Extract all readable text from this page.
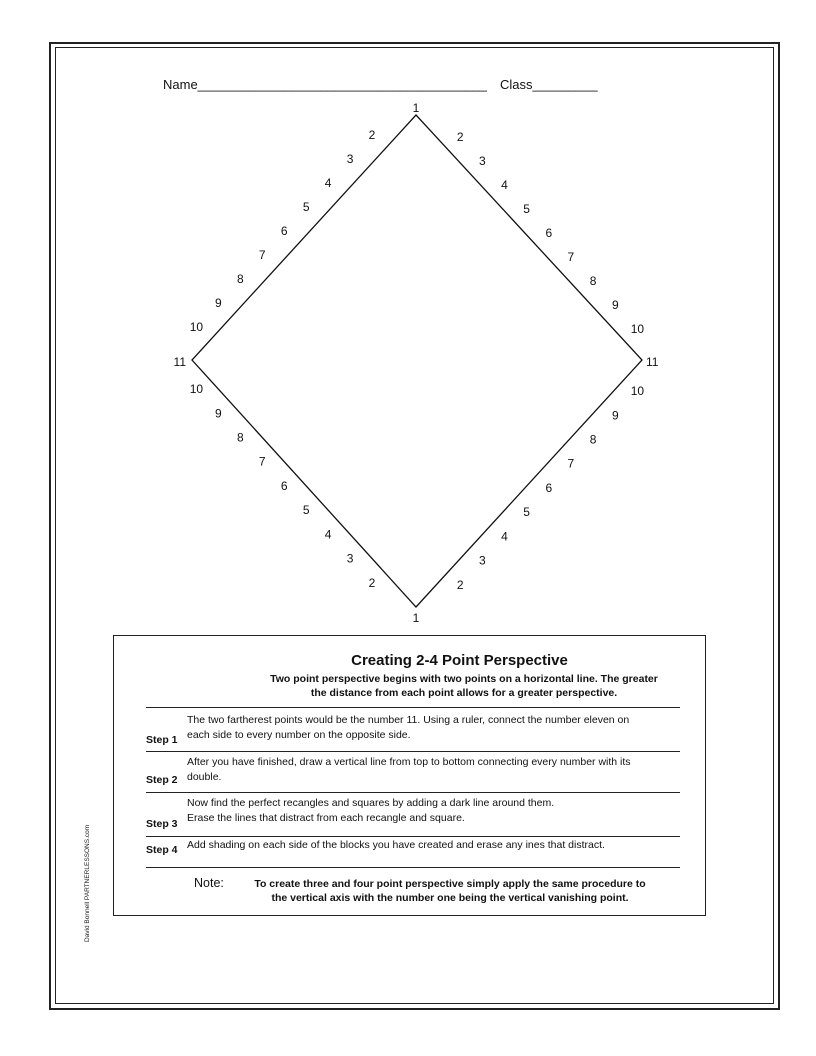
Name________________________________________ Class_________
1
1
11	11
2
3
4
5
6
7
8
9
10
2
3
4
5
6
7
8
9
10
2
3
4
5
6
7
8
9
10
2
3
4
5
6
7
8
9
10
Creating 2-4 Point Perspective
Two point perspective begins with two points on a horizontal line. The greater
the distance from each point allows for a greater perspective.
The two fartherest points would be the number 11. Using a ruler, connect the number eleven on
each side to every number on the opposite side.
Step 1
After you have finished, draw a vertical line from top to bottom connecting every number with its
double.
Step 2
Now find the perfect recangles and squares by adding a dark line around them.
Erase the lines that distract from each recangle and square.
Step 3
Add shading on each side of the blocks you have created and erase any ines that distract.
Step 4
Note:	To create three and four point perspective simply apply the same procedure to
the vertical axis with the number one being the vertical vanishing point.
David Bonnell PARTNERLESSONS.com
